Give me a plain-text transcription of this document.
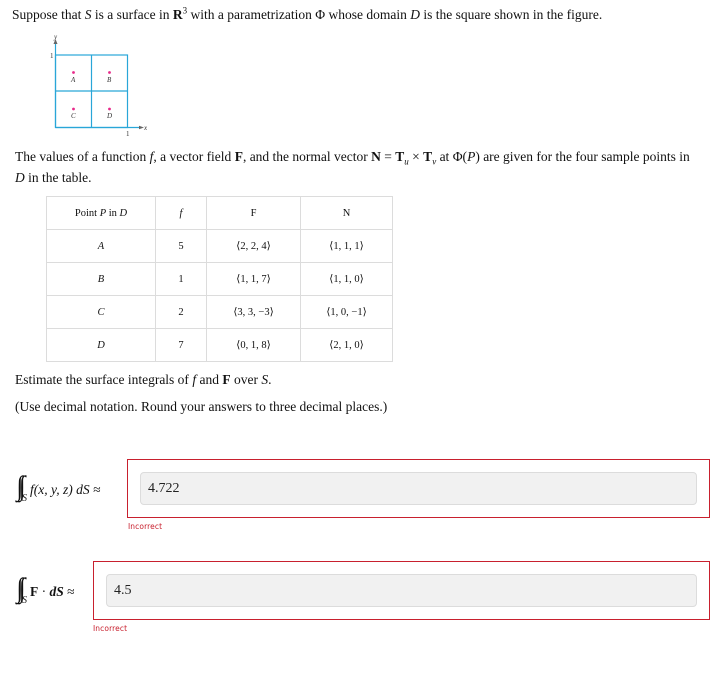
Suppose that S is a surface in $R^3$ with a parametrization Φ whose domain D is the square shown in the figure.
y
1
1
x
A	B
C	D
The values of a function f, a vector field F, and the normal vector $N = T_u \times T_v$ at Φ(P) are given for the four sample points in
D in the table.
Point P in D	f	F	N
A	5	⟨2, 2, 4⟩	⟨1, 1, 1⟩
B	1	⟨1, 1, 7⟩	⟨1, 1, 0⟩
C	2	⟨3, 3, −3⟩	⟨1, 0, −1⟩
D	7	⟨0, 1, 8⟩	⟨2, 1, 0⟩
Estimate the surface integrals of f and F over S.
(Use decimal notation. Round your answers to three decimal places.)
$_S$f(x, y, z) dS ≈
4.722
Incorrect
$_S$F · dS ≈
4.5
Incorrect
